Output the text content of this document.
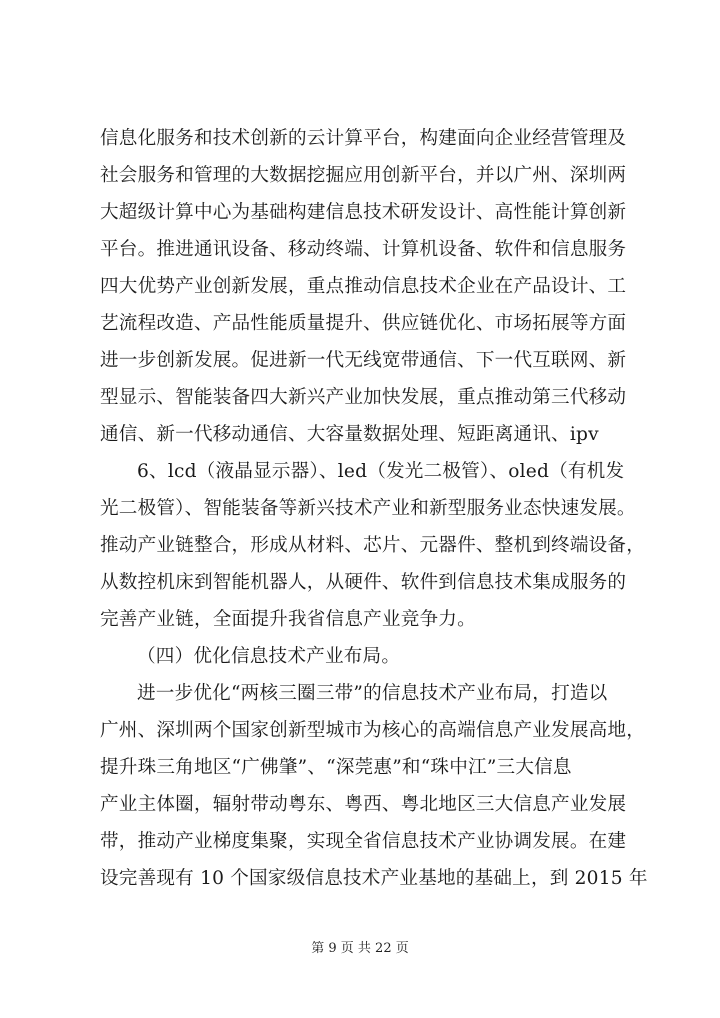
信息化服务和技术创新的云计算平台，构建面向企业经营管理及
社会服务和管理的大数据挖掘应用创新平台，并以广州、深圳两
大超级计算中心为基础构建信息技术研发设计、高性能计算创新
平台。推进通讯设备、移动终端、计算机设备、软件和信息服务
四大优势产业创新发展，重点推动信息技术企业在产品设计、工
艺流程改造、产品性能质量提升、供应链优化、市场拓展等方面
进一步创新发展。促进新一代无线宽带通信、下一代互联网、新
型显示、智能装备四大新兴产业加快发展，重点推动第三代移动
通信、新一代移动通信、大容量数据处理、短距离通讯、ipv
6、lcd（液晶显示器）、led（发光二极管）、oled（有机发
光二极管）、智能装备等新兴技术产业和新型服务业态快速发展。
推动产业链整合，形成从材料、芯片、元器件、整机到终端设备，
从数控机床到智能机器人，从硬件、软件到信息技术集成服务的
完善产业链，全面提升我省信息产业竞争力。
（四）优化信息技术产业布局。
进一步优化“两核三圈三带”的信息技术产业布局，打造以
广州、深圳两个国家创新型城市为核心的高端信息产业发展高地，
提升珠三角地区“广佛肇”、“深莞惠”和“珠中江”三大信息
产业主体圈，辐射带动粤东、粤西、粤北地区三大信息产业发展
带，推动产业梯度集聚，实现全省信息技术产业协调发展。在建
设完善现有 10 个国家级信息技术产业基地的基础上，到 2015 年
第 9 页 共 22 页
